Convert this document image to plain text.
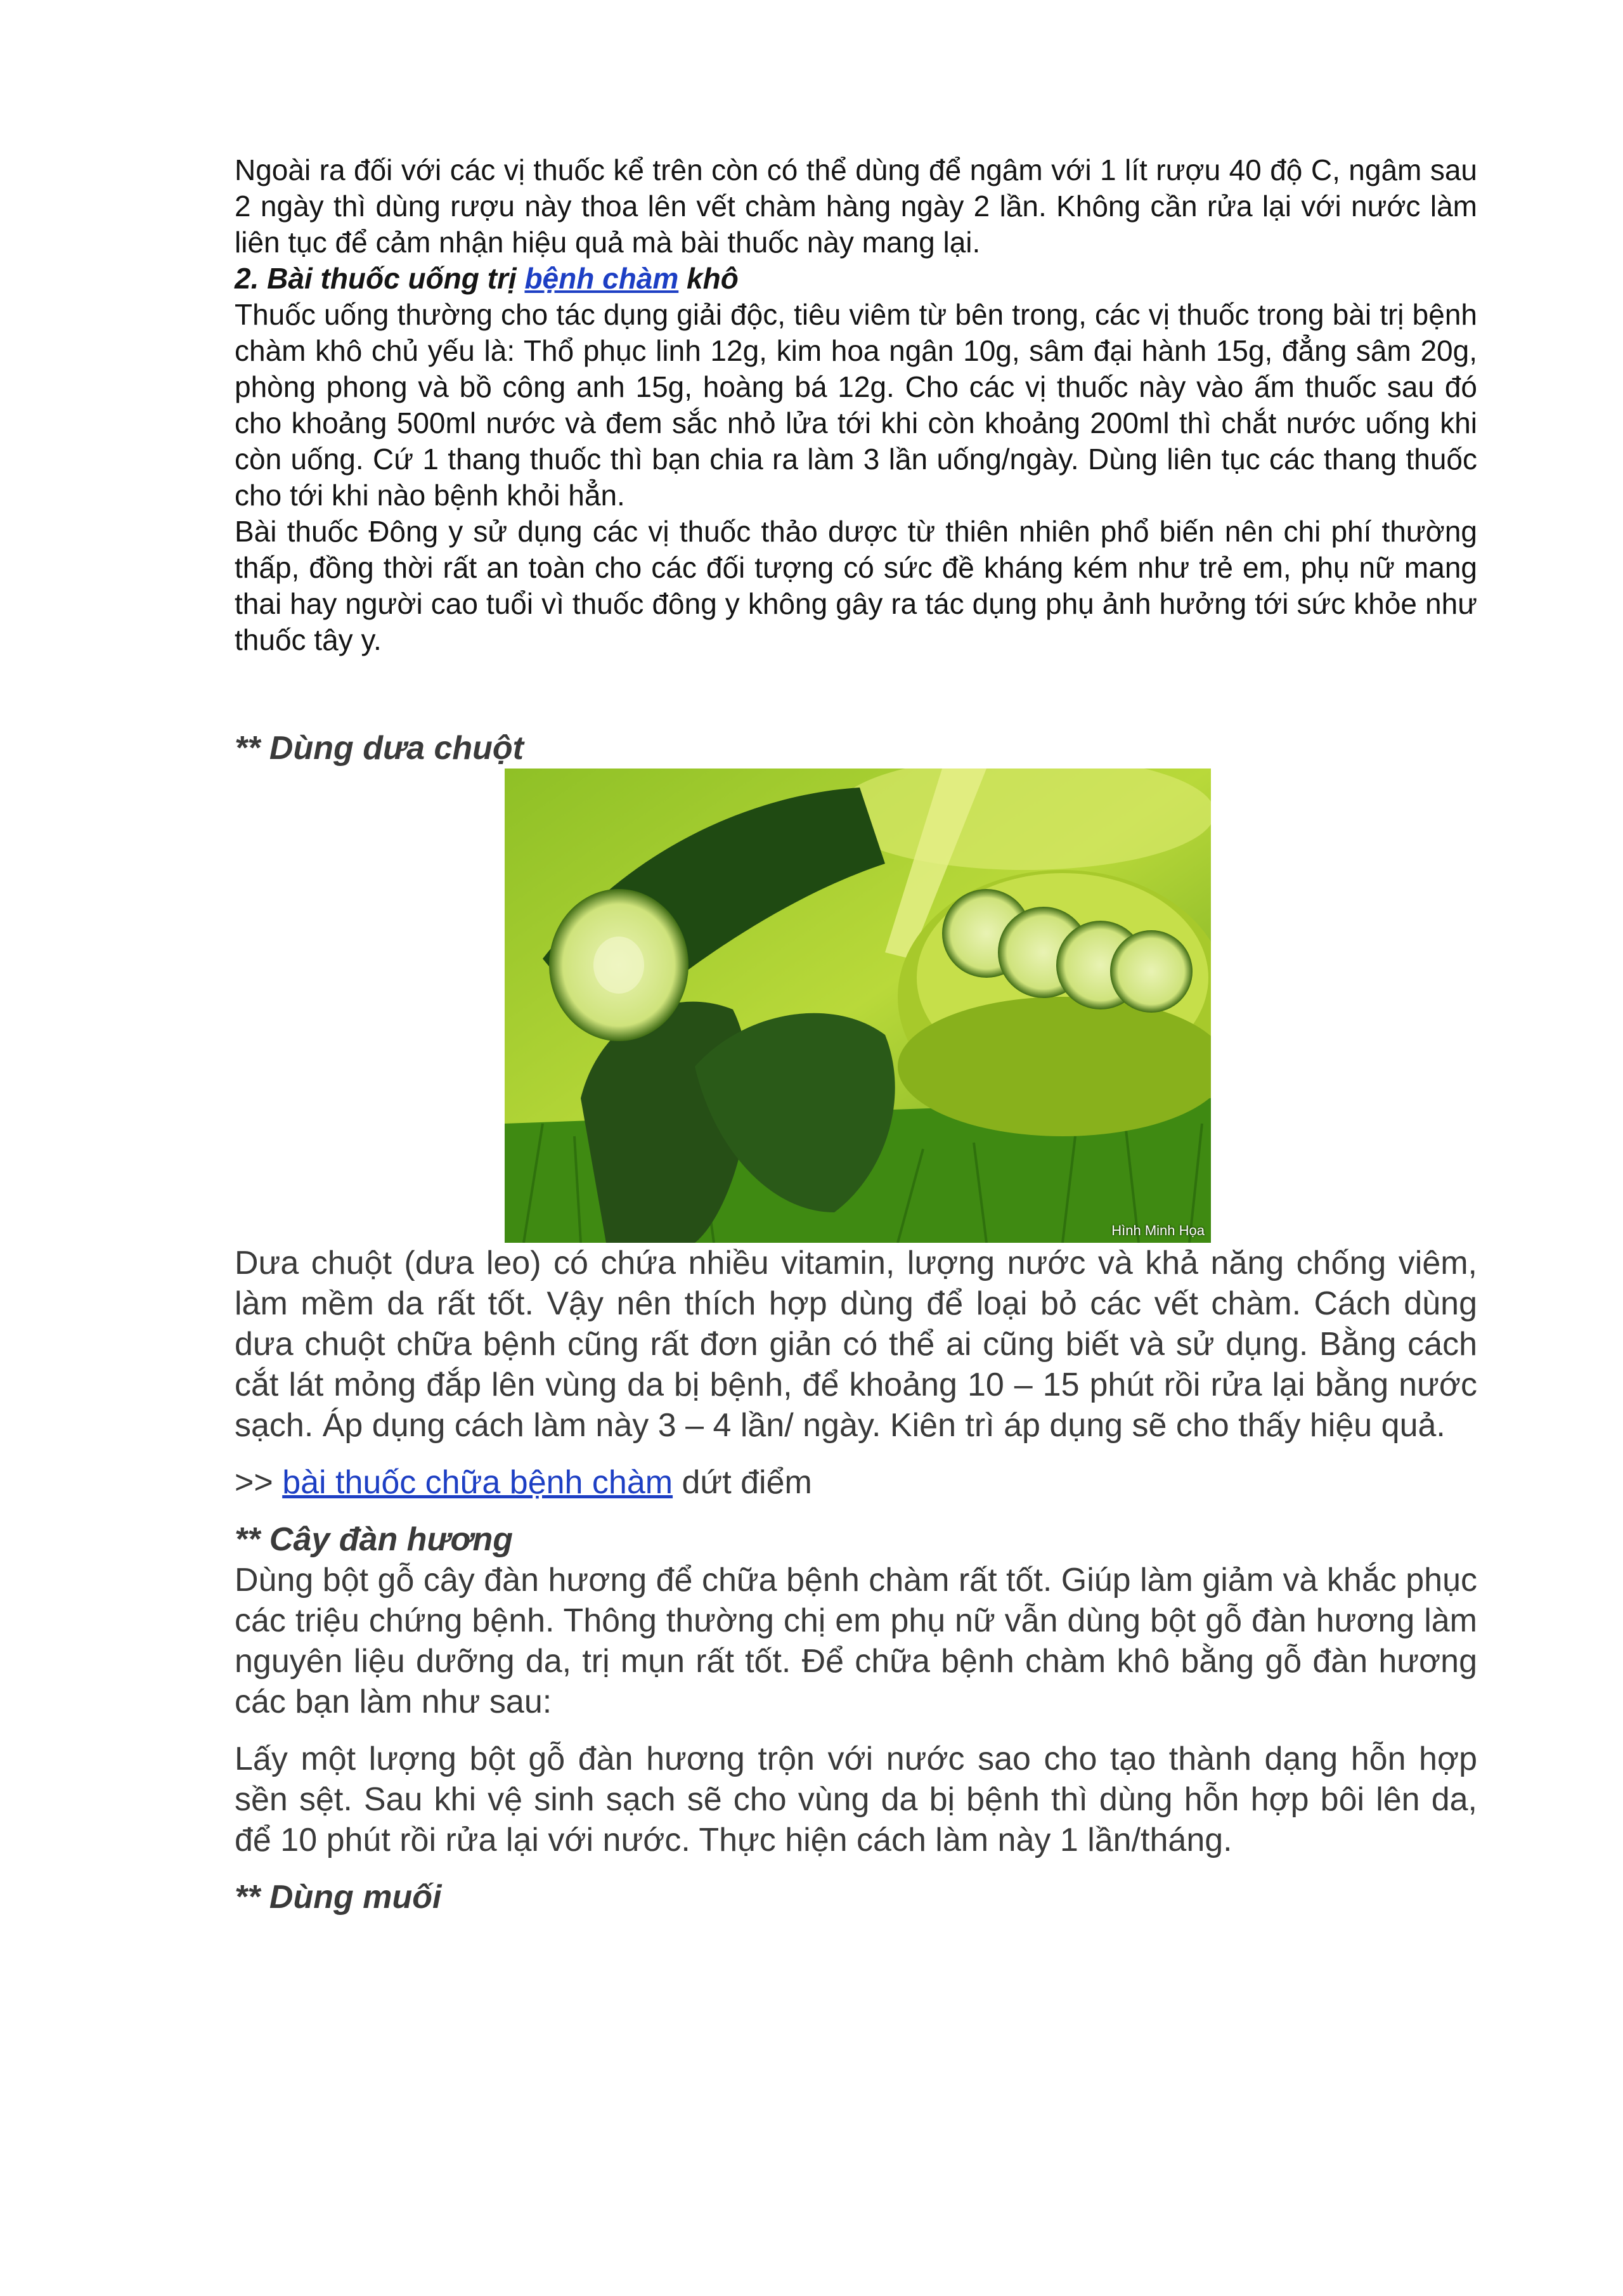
Ngoài ra đối với các vị thuốc kể trên còn có thể dùng để ngâm với 1 lít rượu 40 độ C, ngâm sau 2 ngày thì dùng rượu này thoa lên vết chàm hàng ngày 2 lần. Không cần rửa lại với nước làm liên tục để cảm nhận hiệu quả mà bài thuốc này mang lại.

2. Bài thuốc uống trị bệnh chàm khô

Thuốc uống thường cho tác dụng giải độc, tiêu viêm từ bên trong, các vị thuốc trong bài trị bệnh chàm khô chủ yếu là: Thổ phục linh 12g, kim hoa ngân 10g, sâm đại hành 15g, đẳng sâm 20g, phòng phong và bồ công anh 15g, hoàng bá 12g. Cho các vị thuốc này vào ấm thuốc sau đó cho khoảng 500ml nước và đem sắc nhỏ lửa tới khi còn khoảng 200ml thì chắt nước uống khi còn uống. Cứ 1 thang thuốc thì bạn chia ra làm 3 lần uống/ngày. Dùng liên tục các thang thuốc cho tới khi nào bệnh khỏi hẳn.

Bài thuốc Đông y sử dụng các vị thuốc thảo dược từ thiên nhiên phổ biến nên chi phí thường thấp, đồng thời rất an toàn cho các đối tượng có sức đề kháng kém như trẻ em, phụ nữ mang thai hay người cao tuổi vì thuốc đông y không gây ra tác dụng phụ ảnh hưởng tới sức khỏe như thuốc tây y.

** Dùng dưa chuột

Hình Minh Họa

Dưa chuột (dưa leo) có chứa nhiều vitamin, lượng nước và khả năng chống viêm, làm mềm da rất tốt. Vậy nên thích hợp dùng để loại bỏ các vết chàm. Cách dùng dưa chuột chữa bệnh cũng rất đơn giản có thể ai cũng biết và sử dụng. Bằng cách cắt lát mỏng đắp lên vùng da bị bệnh, để khoảng 10 – 15 phút rồi rửa lại bằng nước sạch. Áp dụng cách làm này 3 – 4 lần/ ngày. Kiên trì áp dụng sẽ cho thấy hiệu quả.

>> bài thuốc chữa bệnh chàm dứt điểm

** Cây đàn hương

Dùng bột gỗ cây đàn hương để chữa bệnh chàm rất tốt. Giúp làm giảm và khắc phục các triệu chứng bệnh. Thông thường chị em phụ nữ vẫn dùng bột gỗ đàn hương làm nguyên liệu dưỡng da, trị mụn rất tốt. Để chữa bệnh chàm khô bằng gỗ đàn hương các bạn làm như sau:

Lấy một lượng bột gỗ đàn hương trộn với nước sao cho tạo thành dạng hỗn hợp sền sệt. Sau khi vệ sinh sạch sẽ cho vùng da bị bệnh thì dùng hỗn hợp bôi lên da, để 10 phút rồi rửa lại với nước. Thực hiện cách làm này 1 lần/tháng.

** Dùng muối
